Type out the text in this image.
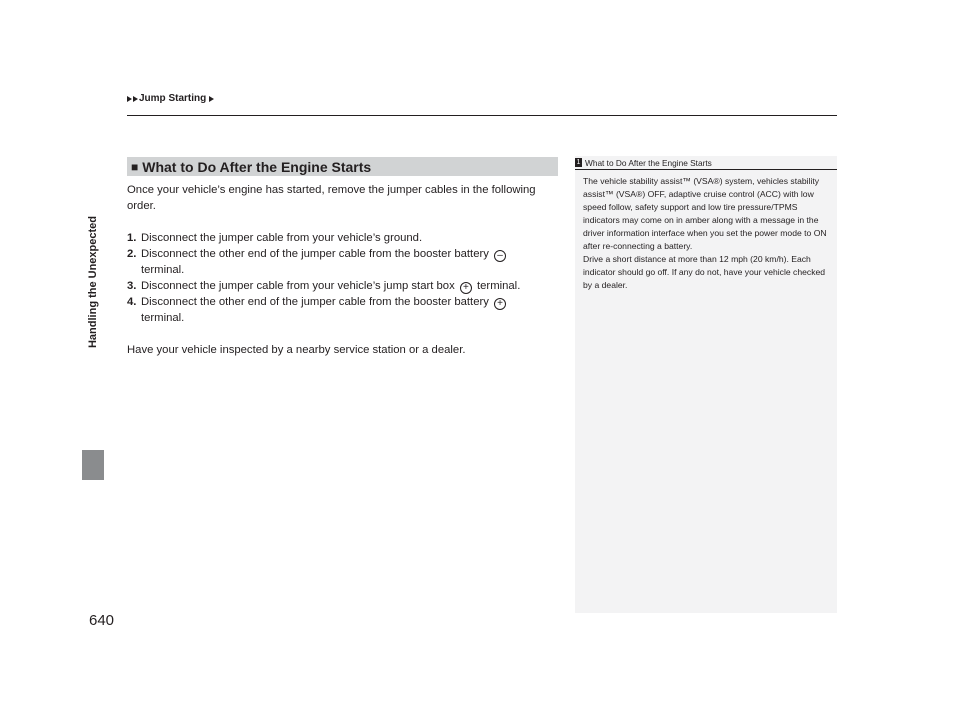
Jump Starting
Handling the Unexpected
640
■ What to Do After the Engine Starts

Once your vehicle’s engine has started, remove the jumper cables in the following order.

1. Disconnect the jumper cable from your vehicle’s ground.
2. Disconnect the other end of the jumper cable from the booster battery –
terminal.
3. Disconnect the jumper cable from your vehicle’s jump start box + terminal.
4. Disconnect the other end of the jumper cable from the booster battery +
terminal.

Have your vehicle inspected by a nearby service station or a dealer.

1 What to Do After the Engine Starts

The vehicle stability assist™ (VSA®) system, vehicles stability assist™ (VSA®) OFF, adaptive cruise control (ACC) with low speed follow, safety support and low tire pressure/TPMS indicators may come on in amber along with a message in the driver information interface when you set the power mode to ON after re-connecting a battery.

Drive a short distance at more than 12 mph (20 km/h). Each indicator should go off. If any do not, have your vehicle checked by a dealer.
